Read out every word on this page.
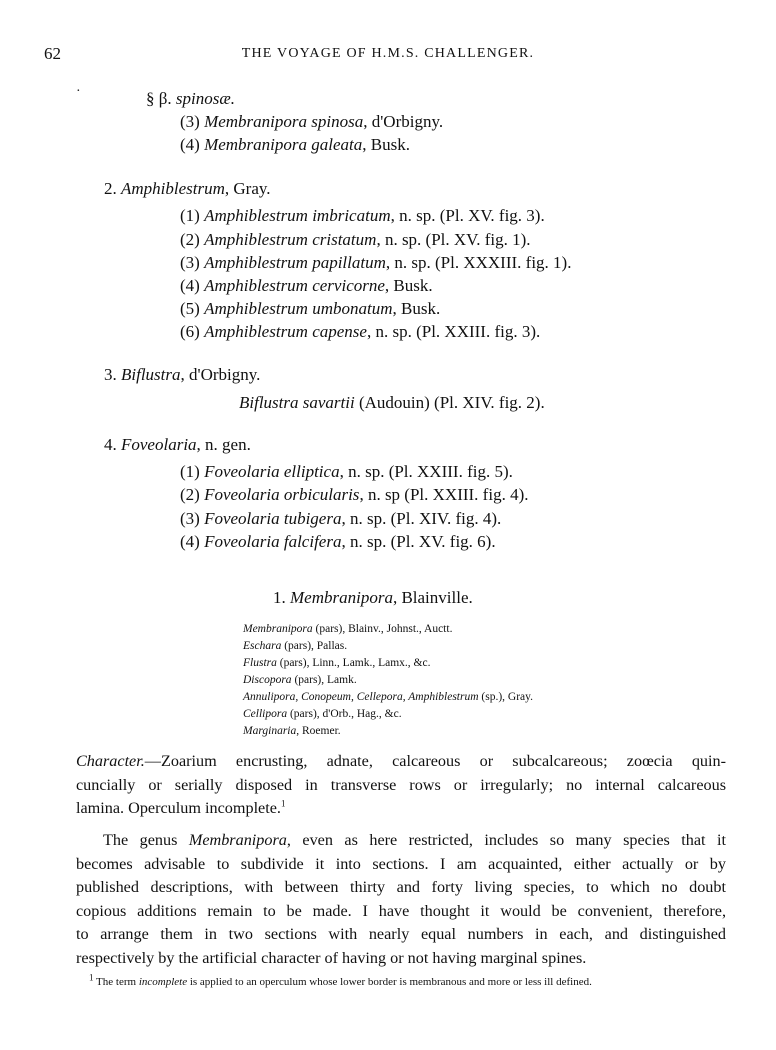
62	THE VOYAGE OF H.M.S. CHALLENGER.
·	§ β. spinosæ.
(3) Membranipora spinosa, d'Orbigny.
(4) Membranipora galeata, Busk.
2. Amphiblestrum, Gray.
(1) Amphiblestrum imbricatum, n. sp. (Pl. XV. fig. 3).
(2) Amphiblestrum cristatum, n. sp. (Pl. XV. fig. 1).
(3) Amphiblestrum papillatum, n. sp. (Pl. XXXIII. fig. 1).
(4) Amphiblestrum cervicorne, Busk.
(5) Amphiblestrum umbonatum, Busk.
(6) Amphiblestrum capense, n. sp. (Pl. XXIII. fig. 3).
3. Biflustra, d'Orbigny.
Biflustra savartii (Audouin) (Pl. XIV. fig. 2).
4. Foveolaria, n. gen.
(1) Foveolaria elliptica, n. sp. (Pl. XXIII. fig. 5).
(2) Foveolaria orbicularis, n. sp (Pl. XXIII. fig. 4).
(3) Foveolaria tubigera, n. sp. (Pl. XIV. fig. 4).
(4) Foveolaria falcifera, n. sp. (Pl. XV. fig. 6).
1. Membranipora, Blainville.
Membranipora (pars), Blainv., Johnst., Auctt.
Eschara (pars), Pallas.
Flustra (pars), Linn., Lamk., Lamx., &c.
Discopora (pars), Lamk.
Annulipora, Conopeum, Cellepora, Amphiblestrum (sp.), Gray.
Cellipora (pars), d'Orb., Hag., &c.
Marginaria, Roemer.
Character.—Zoarium encrusting, adnate, calcareous or subcalcareous; zoœcia quin-
cuncially or serially disposed in transverse rows or irregularly; no internal calcareous
lamina. Operculum incomplete.$^1$
The genus Membranipora, even as here restricted, includes so many species that it
becomes advisable to subdivide it into sections. I am acquainted, either actually or by
published descriptions, with between thirty and forty living species, to which no doubt
copious additions remain to be made. I have thought it would be convenient, therefore,
to arrange them in two sections with nearly equal numbers in each, and distinguished
respectively by the artificial character of having or not having marginal spines.
$^1$ The term incomplete is applied to an operculum whose lower border is membranous and more or less ill defined.
